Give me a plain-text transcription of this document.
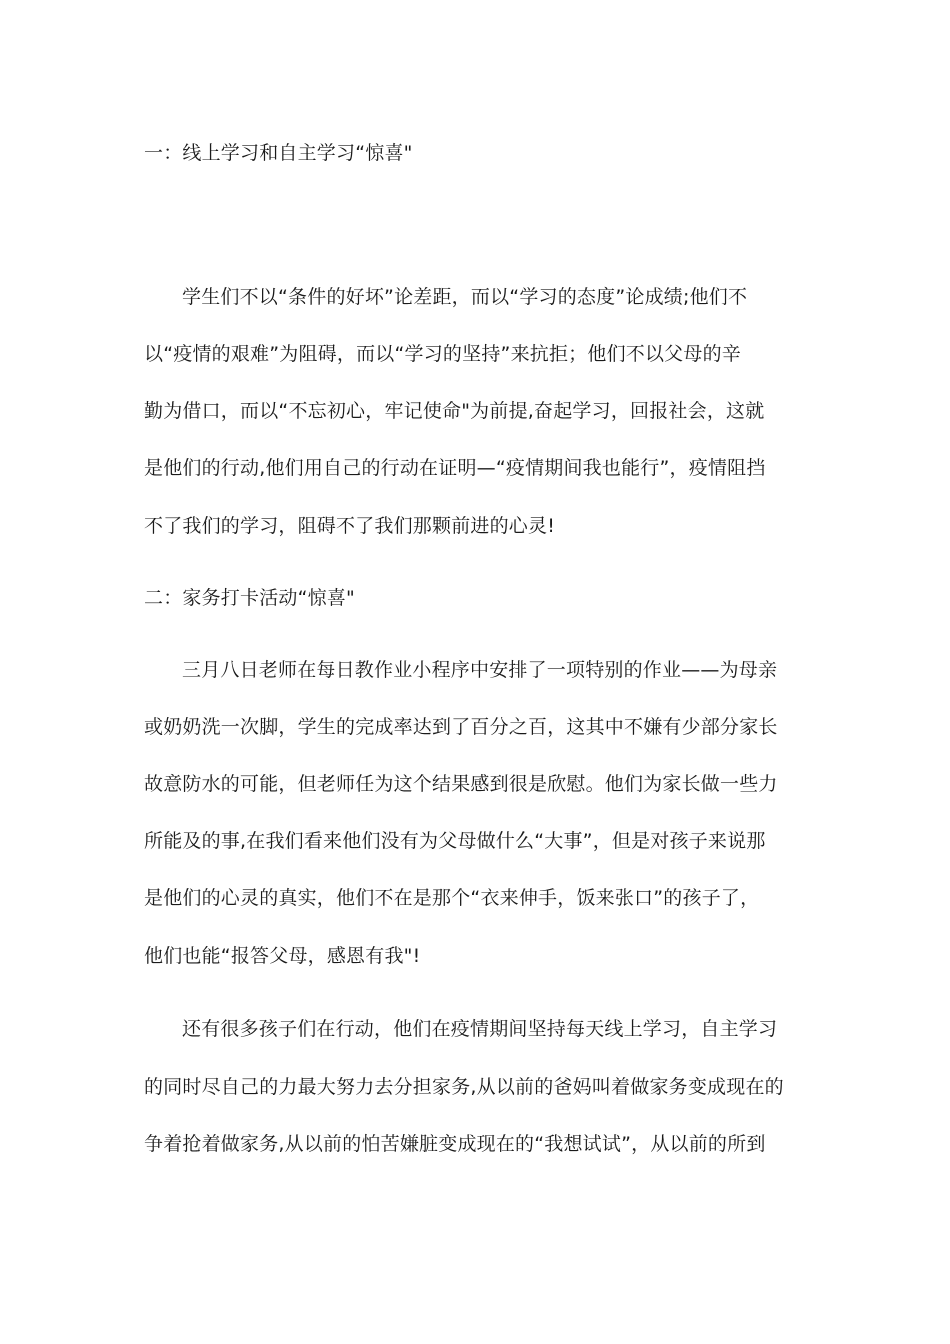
一：线上学习和自主学习“惊喜"
学生们不以“条件的好坏”论差距，而以“学习的态度”论成绩;他们不
以“疫情的艰难”为阻碍，而以“学习的坚持”来抗拒；他们不以父母的辛
勤为借口，而以“不忘初心，牢记使命"为前提,奋起学习，回报社会，这就
是他们的行动,他们用自己的行动在证明—“疫情期间我也能行”，疫情阻挡
不了我们的学习，阻碍不了我们那颗前进的心灵!
二：家务打卡活动“惊喜"
三月八日老师在每日教作业小程序中安排了一项特别的作业——为母亲
或奶奶洗一次脚，学生的完成率达到了百分之百，这其中不嫌有少部分家长
故意防水的可能，但老师任为这个结果感到很是欣慰。他们为家长做一些力
所能及的事,在我们看来他们没有为父母做什么“大事”，但是对孩子来说那
是他们的心灵的真实，他们不在是那个“衣来伸手，饭来张口”的孩子了，
他们也能“报答父母，感恩有我"!
还有很多孩子们在行动，他们在疫情期间坚持每天线上学习，自主学习
的同时尽自己的力最大努力去分担家务,从以前的爸妈叫着做家务变成现在的
争着抢着做家务,从以前的怕苦嫌脏变成现在的“我想试试”，从以前的所到
